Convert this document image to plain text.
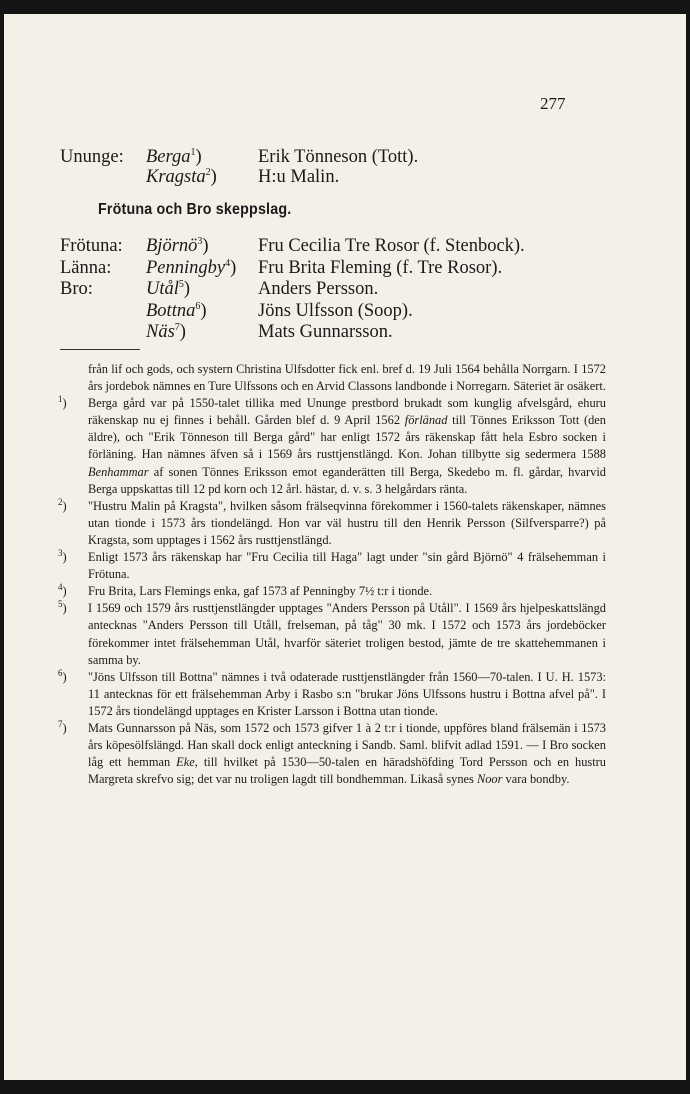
277
Ununge: Berga$^1$)	Erik Tönneson (Tott).
Kragsta$^2$) H:u Malin.
Frötuna och Bro skeppslag.
Frötuna: Björnö$^3$)	Fru Cecilia Tre Rosor (f. Stenbock).
Länna: Penningby$^4$) Fru Brita Fleming (f. Tre Rosor).
Bro:	Utål$^5$)	Anders Persson.
Bottna$^6$)	Jöns Ulfsson (Soop).
Näs$^7$)	Mats Gunnarsson.
från lif och gods, och systern Christina Ulfsdotter fick enl. bref d. 19 Juli 1564 behålla Norrgarn. I 1572 års jordebok nämnes en Ture Ulfssons och en Arvid Classons landbonde i Norregarn. Säteriet är osäkert.
$^1$) Berga gård var på 1550-talet tillika med Ununge prestbord brukadt som kunglig afvelsgård, ehuru räkenskap nu ej finnes i behåll. Gården blef d. 9 April 1562 förlänad till Tönnes Eriksson Tott (den äldre), och "Erik Tönneson till Berga gård" har enligt 1572 års räkenskap fått hela Esbro socken i förläning. Han nämnes äfven så i 1569 års rusttjenstlängd. Kon. Johan tillbytte sig sedermera 1588 Benhammar af sonen Tönnes Eriksson emot eganderätten till Berga, Skedebo m. fl. gårdar, hvarvid Berga uppskattas till 12 pd korn och 12 årl. hästar, d. v. s. 3 helgårdars ränta.
$^2$) "Hustru Malin på Kragsta", hvilken såsom frälseqvinna förekommer i 1560-talets räkenskaper, nämnes utan tionde i 1573 års tiondelängd. Hon var väl hustru till den Henrik Persson (Silfversparre?) på Kragsta, som upptages i 1562 års rusttjenstlängd.
$^3$) Enligt 1573 års räkenskap har "Fru Cecilia till Haga" lagt under "sin gård Björnö" 4 frälsehemman i Frötuna.
$^4$) Fru Brita, Lars Flemings enka, gaf 1573 af Penningby 7½ t:r i tionde.
$^5$) I 1569 och 1579 års rusttjenstlängder upptages "Anders Persson på Utåll". I 1569 års hjelpeskattslängd antecknas "Anders Persson till Utåll, frelseman, på tåg" 30 mk. I 1572 och 1573 års jordeböcker förekommer intet frälsehemman Utål, hvarför säteriet troligen bestod, jämte de tre skattehemmanen i samma by.
$^6$) "Jöns Ulfsson till Bottna" nämnes i två odaterade rusttjenstlängder från 1560—70-talen. I U. H. 1573: 11 antecknas för ett frälsehemman Arby i Rasbo s:n "brukar Jöns Ulfssons hustru i Bottna afvel på". I 1572 års tiondelängd upptages en Krister Larsson i Bottna utan tionde.
$^7$) Mats Gunnarsson på Näs, som 1572 och 1573 gifver 1 à 2 t:r i tionde, uppföres bland frälsemän i 1573 års köpesölfslängd. Han skall dock enligt anteckning i Sandb. Saml. blifvit adlad 1591. — I Bro socken låg ett hemman Eke, till hvilket på 1530—50-talen en häradshöfding Tord Persson och en hustru Margreta skrefvo sig; det var nu troligen lagdt till bondhemman. Likaså synes Noor vara bondby.
